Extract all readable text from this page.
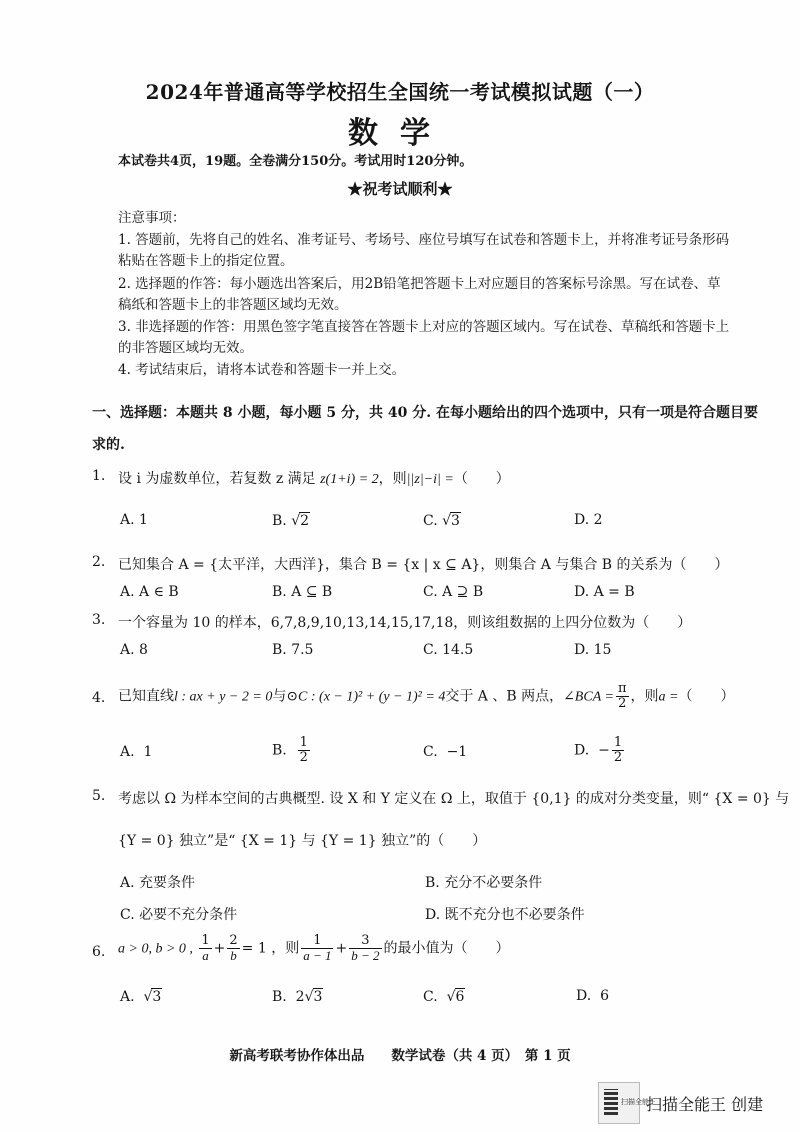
2024年普通高等学校招生全国统一考试模拟试题（一）
数学
本试卷共4页，19题。全卷满分150分。考试用时120分钟。
★祝考试顺利★
注意事项：
1. 答题前，先将自己的姓名、准考证号、考场号、座位号填写在试卷和答题卡上，并将准考证号条形码
粘贴在答题卡上的指定位置。
2. 选择题的作答：每小题选出答案后，用2B铅笔把答题卡上对应题目的答案标号涂黑。写在试卷、草
稿纸和答题卡上的非答题区域均无效。
3. 非选择题的作答：用黑色签字笔直接答在答题卡上对应的答题区域内。写在试卷、草稿纸和答题卡上
的非答题区域均无效。
4. 考试结束后，请将本试卷和答题卡一并上交。
一、选择题：本题共 8 小题，每小题 5 分，共 40 分. 在每小题给出的四个选项中，只有一项是符合题目要
求的.
1. 设 i 为虚数单位，若复数 z 满足 z(1+i) = 2，则||z|−i| =（　　）
A. 1	B. √2	C. √3	D. 2
2. 已知集合 A = {太平洋，大西洋}，集合 B = {x | x ⊆ A}，则集合 A 与集合 B 的关系为（　　）
A. A ∈ B	B. A ⊆ B	C. A ⊇ B	D. A = B
3. 一个容量为 10 的样本，6,7,8,9,10,13,14,15,17,18，则该组数据的上四分位数为（　　）
A. 8	B. 7.5	C. 14.5	D. 15
4. 已知直线l : ax + y − 2 = 0与⊙C : (x − 1)² + (y − 1)² = 4交于 A 、B 两点，∠BCA = $\frac{\pi}{2}$ ，则a =（　　）
A. 1	B. $\frac{1}{2}$	C. −1	D. − $\frac{1}{2}$
5. 考虑以 Ω 为样本空间的古典概型. 设 X 和 Y 定义在 Ω 上，取值于 {0,1} 的成对分类变量，则“ {X = 0} 与
{Y = 0} 独立”是“ {X = 1} 与 {Y = 1} 独立”的（　　）
A. 充要条件	B. 充分不必要条件
C. 必要不充分条件	D. 既不充分也不必要条件
6. a > 0, b > 0 , $\frac{1}{a} + \frac{2}{b} = 1$ ，则 $\frac{1}{a - 1} + \frac{3}{b - 2}$ 的最小值为（　　）
A.  √3	B. 2√3	C.  √6	D. 6
新高考联考协作体出品　　数学试卷（共 4 页）　第 1 页
扫描全能王
扫描全能王 创建
